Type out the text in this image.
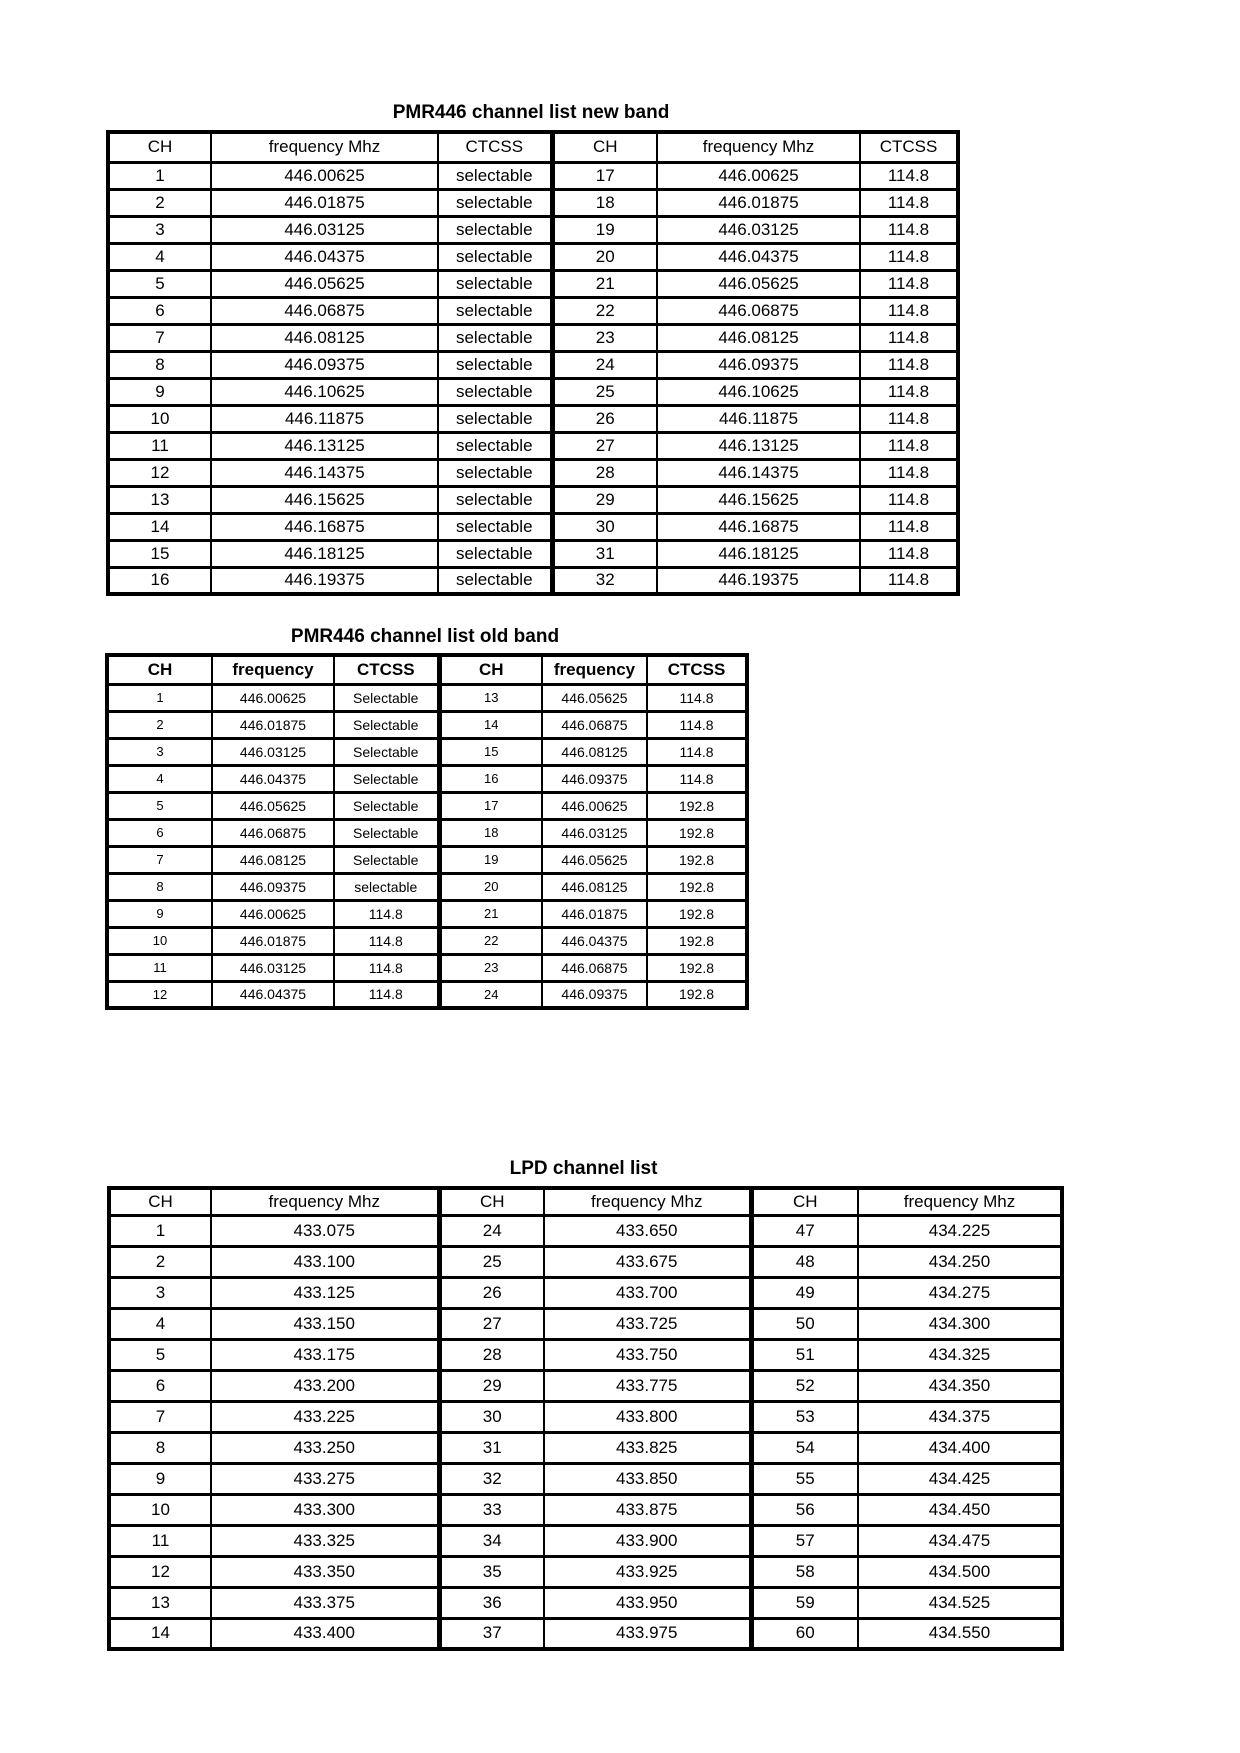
PMR446 channel list new band
CH	frequency Mhz	CTCSS	CH	frequency Mhz	CTCSS
1	446.00625	selectable	17	446.00625	114.8
2	446.01875	selectable	18	446.01875	114.8
3	446.03125	selectable	19	446.03125	114.8
4	446.04375	selectable	20	446.04375	114.8
5	446.05625	selectable	21	446.05625	114.8
6	446.06875	selectable	22	446.06875	114.8
7	446.08125	selectable	23	446.08125	114.8
8	446.09375	selectable	24	446.09375	114.8
9	446.10625	selectable	25	446.10625	114.8
10	446.11875	selectable	26	446.11875	114.8
11	446.13125	selectable	27	446.13125	114.8
12	446.14375	selectable	28	446.14375	114.8
13	446.15625	selectable	29	446.15625	114.8
14	446.16875	selectable	30	446.16875	114.8
15	446.18125	selectable	31	446.18125	114.8
16	446.19375	selectable	32	446.19375	114.8
PMR446 channel list old band
CH	frequency	CTCSS	CH	frequency	CTCSS
1	446.00625	Selectable	13	446.05625	114.8
2	446.01875	Selectable	14	446.06875	114.8
3	446.03125	Selectable	15	446.08125	114.8
4	446.04375	Selectable	16	446.09375	114.8
5	446.05625	Selectable	17	446.00625	192.8
6	446.06875	Selectable	18	446.03125	192.8
7	446.08125	Selectable	19	446.05625	192.8
8	446.09375	selectable	20	446.08125	192.8
9	446.00625	114.8	21	446.01875	192.8
10	446.01875	114.8	22	446.04375	192.8
11	446.03125	114.8	23	446.06875	192.8
12	446.04375	114.8	24	446.09375	192.8
LPD channel list
CH	frequency Mhz	CH	frequency Mhz	CH	frequency Mhz
1	433.075	24	433.650	47	434.225
2	433.100	25	433.675	48	434.250
3	433.125	26	433.700	49	434.275
4	433.150	27	433.725	50	434.300
5	433.175	28	433.750	51	434.325
6	433.200	29	433.775	52	434.350
7	433.225	30	433.800	53	434.375
8	433.250	31	433.825	54	434.400
9	433.275	32	433.850	55	434.425
10	433.300	33	433.875	56	434.450
11	433.325	34	433.900	57	434.475
12	433.350	35	433.925	58	434.500
13	433.375	36	433.950	59	434.525
14	433.400	37	433.975	60	434.550
